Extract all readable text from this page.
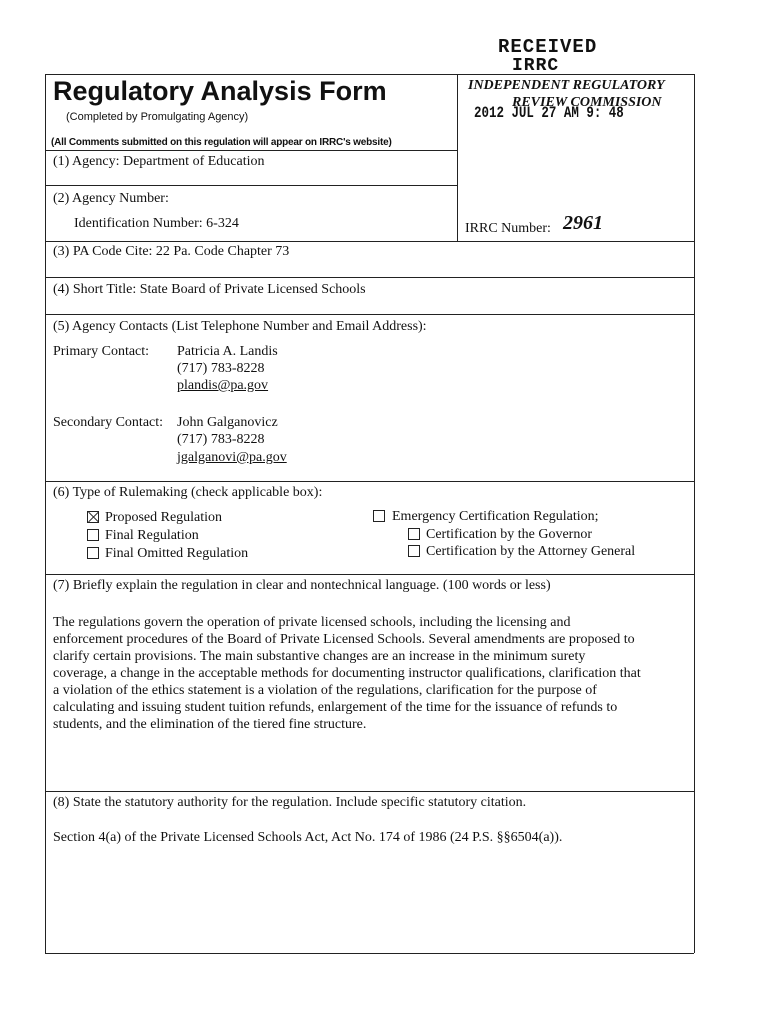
RECEIVED
IRRC
INDEPENDENT REGULATORY
REVIEW COMMISSION
2012 JUL 27 AM 9: 48
Regulatory Analysis Form
(Completed by Promulgating Agency)
(All Comments submitted on this regulation will appear on IRRC's website)
(1) Agency: Department of Education
(2) Agency Number:
Identification Number: 6-324	IRRC Number: 2961
(3) PA Code Cite: 22 Pa. Code Chapter 73
(4) Short Title: State Board of Private Licensed Schools
(5) Agency Contacts (List Telephone Number and Email Address):
Primary Contact: Patricia A. Landis
(717) 783-8228
plandis@pa.gov
Secondary Contact: John Galganovicz
(717) 783-8228
jgalganovi@pa.gov
(6) Type of Rulemaking (check applicable box):
Proposed Regulation
Final Regulation
Final Omitted Regulation
Emergency Certification Regulation;
Certification by the Governor
Certification by the Attorney General
(7) Briefly explain the regulation in clear and nontechnical language. (100 words or less)
The regulations govern the operation of private licensed schools, including the licensing and
enforcement procedures of the Board of Private Licensed Schools. Several amendments are proposed to
clarify certain provisions. The main substantive changes are an increase in the minimum surety
coverage, a change in the acceptable methods for documenting instructor qualifications, clarification that
a violation of the ethics statement is a violation of the regulations, clarification for the purpose of
calculating and issuing student tuition refunds, enlargement of the time for the issuance of refunds to
students, and the elimination of the tiered fine structure.
(8) State the statutory authority for the regulation. Include specific statutory citation.
Section 4(a) of the Private Licensed Schools Act, Act No. 174 of 1986 (24 P.S. §§6504(a)).
